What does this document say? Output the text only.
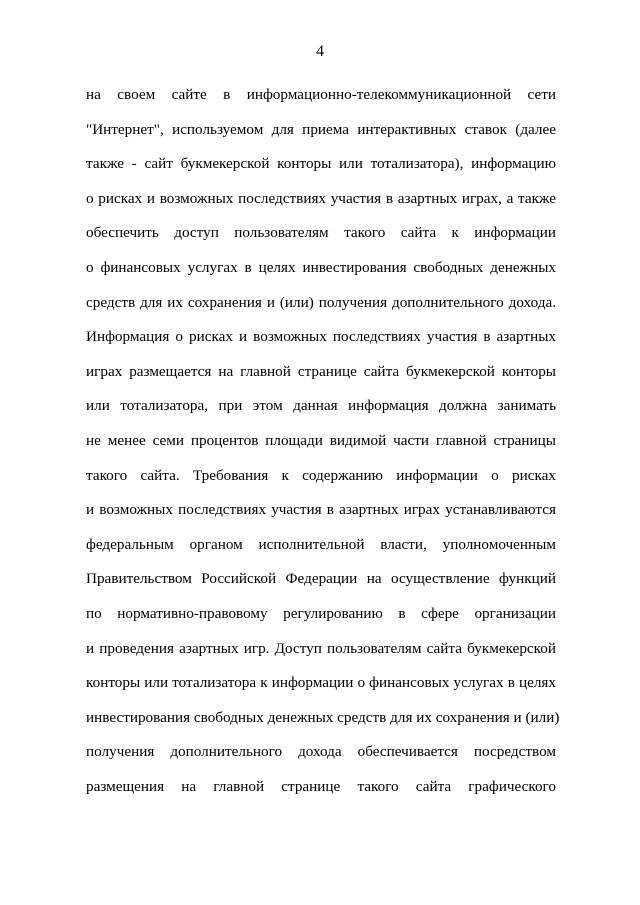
4
на своем сайте в информационно-телекоммуникационной сети
"Интернет", используемом для приема интерактивных ставок (далее
также - сайт букмекерской конторы или тотализатора), информацию
о рисках и возможных последствиях участия в азартных играх, а также
обеспечить доступ пользователям такого сайта к информации
о финансовых услугах в целях инвестирования свободных денежных
средств для их сохранения и (или) получения дополнительного дохода.
Информация о рисках и возможных последствиях участия в азартных
играх размещается на главной странице сайта букмекерской конторы
или тотализатора, при этом данная информация должна занимать
не менее семи процентов площади видимой части главной страницы
такого сайта. Требования к содержанию информации о рисках
и возможных последствиях участия в азартных играх устанавливаются
федеральным органом исполнительной власти, уполномоченным
Правительством Российской Федерации на осуществление функций
по нормативно-правовому регулированию в сфере организации
и проведения азартных игр. Доступ пользователям сайта букмекерской
конторы или тотализатора к информации о финансовых услугах в целях
инвестирования свободных денежных средств для их сохранения и (или)
получения дополнительного дохода обеспечивается посредством
размещения на главной странице такого сайта графического
